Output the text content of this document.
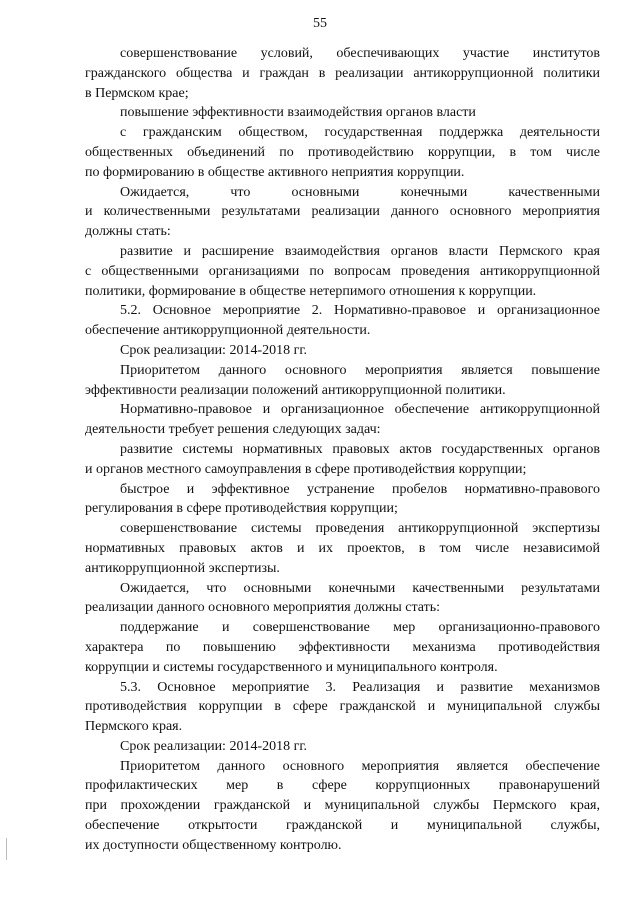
55
совершенствование условий, обеспечивающих участие институтов
гражданского общества и граждан в реализации антикоррупционной политики
в Пермском крае;
повышение эффективности взаимодействия органов власти
с гражданским обществом, государственная поддержка деятельности
общественных объединений по противодействию коррупции, в том числе
по формированию в обществе активного неприятия коррупции.
Ожидается, что основными конечными качественными
и количественными результатами реализации данного основного мероприятия
должны стать:
развитие и расширение взаимодействия органов власти Пермского края
с общественными организациями по вопросам проведения антикоррупционной
политики, формирование в обществе нетерпимого отношения к коррупции.
5.2. Основное мероприятие 2. Нормативно-правовое и организационное
обеспечение антикоррупционной деятельности.
Срок реализации: 2014-2018 гг.
Приоритетом данного основного мероприятия является повышение
эффективности реализации положений антикоррупционной политики.
Нормативно-правовое и организационное обеспечение антикоррупционной
деятельности требует решения следующих задач:
развитие системы нормативных правовых актов государственных органов
и органов местного самоуправления в сфере противодействия коррупции;
быстрое и эффективное устранение пробелов нормативно-правового
регулирования в сфере противодействия коррупции;
совершенствование системы проведения антикоррупционной экспертизы
нормативных правовых актов и их проектов, в том числе независимой
антикоррупционной экспертизы.
Ожидается, что основными конечными качественными результатами
реализации данного основного мероприятия должны стать:
поддержание и совершенствование мер организационно-правового
характера по повышению эффективности механизма противодействия
коррупции и системы государственного и муниципального контроля.
5.3. Основное мероприятие 3. Реализация и развитие механизмов
противодействия коррупции в сфере гражданской и муниципальной службы
Пермского края.
Срок реализации: 2014-2018 гг.
Приоритетом данного основного мероприятия является обеспечение
профилактических мер в сфере коррупционных правонарушений
при прохождении гражданской и муниципальной службы Пермского края,
обеспечение открытости гражданской и муниципальной службы,
их доступности общественному контролю.
